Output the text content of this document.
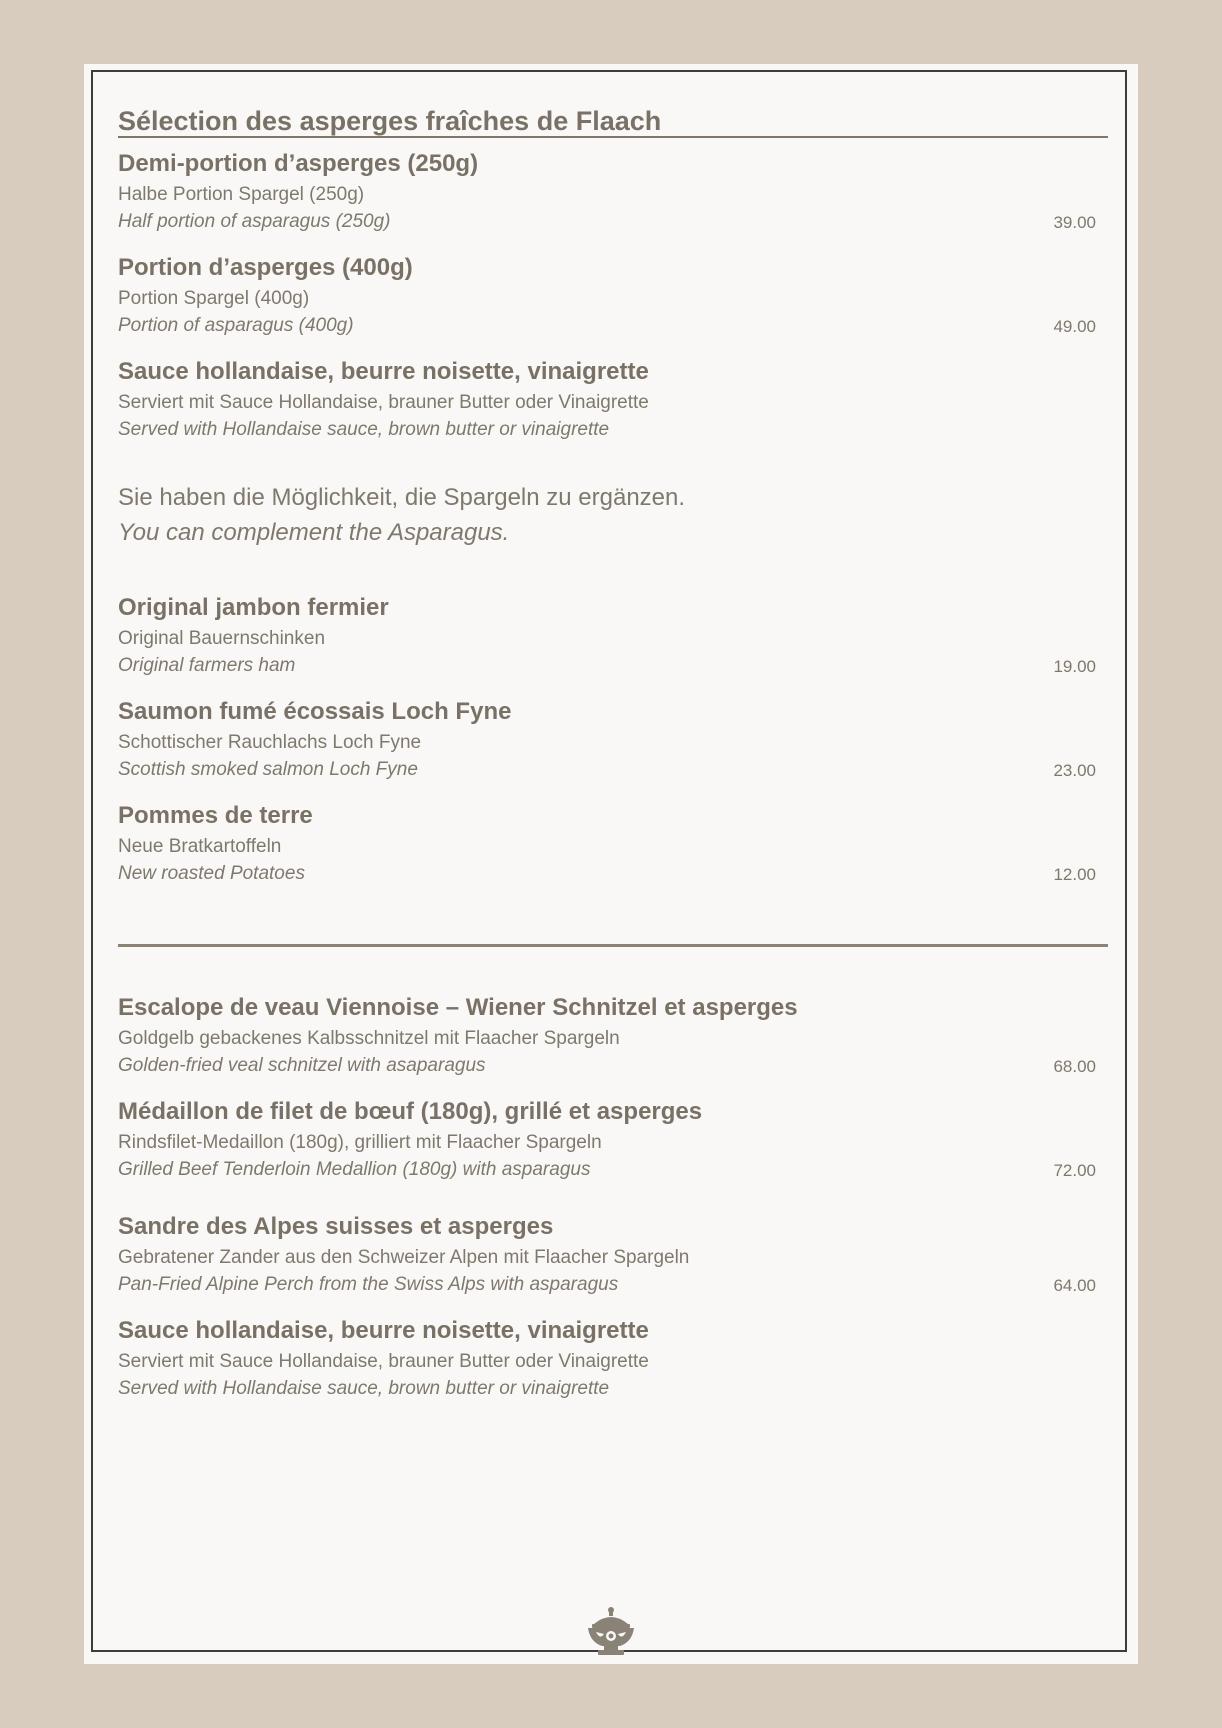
Sélection des asperges fraîches de Flaach
Demi-portion d’asperges (250g)
Halbe Portion Spargel (250g)
Half portion of asparagus (250g)	39.00
Portion d’asperges (400g)
Portion Spargel (400g)
Portion of asparagus (400g)	49.00
Sauce hollandaise, beurre noisette, vinaigrette
Serviert mit Sauce Hollandaise, brauner Butter oder Vinaigrette
Served with Hollandaise sauce, brown butter or vinaigrette
Sie haben die Möglichkeit, die Spargeln zu ergänzen.
You can complement the Asparagus.
Original jambon fermier
Original Bauernschinken
Original farmers ham	19.00
Saumon fumé écossais Loch Fyne
Schottischer Rauchlachs Loch Fyne
Scottish smoked salmon Loch Fyne	23.00
Pommes de terre
Neue Bratkartoffeln
New roasted Potatoes	12.00
Escalope de veau Viennoise – Wiener Schnitzel et asperges
Goldgelb gebackenes Kalbsschnitzel mit Flaacher Spargeln
Golden-fried veal schnitzel with asaparagus	68.00
Médaillon de filet de bœuf (180g), grillé et asperges
Rindsfilet-Medaillon (180g), grilliert mit Flaacher Spargeln
Grilled Beef Tenderloin Medallion (180g) with asparagus	72.00
Sandre des Alpes suisses et asperges
Gebratener Zander aus den Schweizer Alpen mit Flaacher Spargeln
Pan-Fried Alpine Perch from the Swiss Alps with asparagus	64.00
Sauce hollandaise, beurre noisette, vinaigrette
Serviert mit Sauce Hollandaise, brauner Butter oder Vinaigrette
Served with Hollandaise sauce, brown butter or vinaigrette
